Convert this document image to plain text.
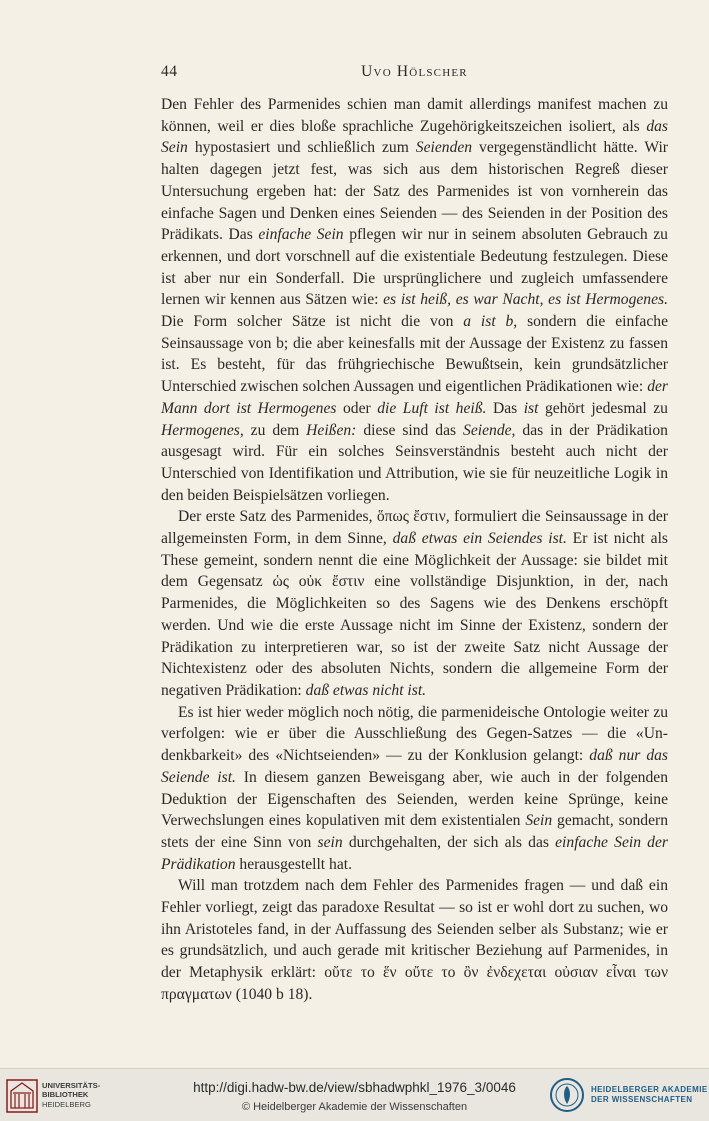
44	Uvo Hölscher

Den Fehler des Parmenides schien man damit allerdings manifest machen zu können, weil er dies bloße sprachliche Zugehörigkeitszeichen isoliert, als das Sein hypostasiert und schließlich zum Seienden vergegenständlicht hätte. Wir halten dagegen jetzt fest, was sich aus dem historischen Regreß dieser Untersuchung ergeben hat: der Satz des Parmenides ist von vornherein das einfache Sagen und Denken eines Seienden — des Seienden in der Position des Prädikats. Das einfache Sein pflegen wir nur in seinem absoluten Gebrauch zu erkennen, und dort vorschnell auf die existentiale Bedeutung festzulegen. Diese ist aber nur ein Sonderfall. Die ursprünglichere und zugleich umfassendere lernen wir kennen aus Sätzen wie: es ist heiß, es war Nacht, es ist Hermogenes. Die Form solcher Sätze ist nicht die von a ist b, sondern die einfache Seinsaussage von b; die aber keinesfalls mit der Aussage der Existenz zu fassen ist. Es besteht, für das frühgriechische Bewußtsein, kein grundsätzlicher Unterschied zwischen solchen Aussagen und eigentlichen Prädikationen wie: der Mann dort ist Hermogenes oder die Luft ist heiß. Das ist gehört jedesmal zu Hermogenes, zu dem Heißen: diese sind das Seiende, das in der Prädikation ausgesagt wird. Für ein solches Seinsverständnis besteht auch nicht der Unterschied von Identifikation und Attribution, wie sie für neuzeitliche Logik in den beiden Beispielsätzen vorliegen.

Der erste Satz des Parmenides, ὅπως ἔστιν, formuliert die Seinsaussage in der allgemeinsten Form, in dem Sinne, daß etwas ein Seiendes ist. Er ist nicht als These gemeint, sondern nennt die eine Möglichkeit der Aussage: sie bildet mit dem Gegensatz ὡς οὐκ ἔστιν eine vollständige Disjunktion, in der, nach Parmenides, die Möglichkeiten so des Sagens wie des Denkens erschöpft werden. Und wie die erste Aussage nicht im Sinne der Existenz, sondern der Prädikation zu interpretieren war, so ist der zweite Satz nicht Aussage der Nichtexistenz oder des absoluten Nichts, sondern die allgemeine Form der negativen Prädikation: daß etwas nicht ist.

Es ist hier weder möglich noch nötig, die parmenideische Ontologie weiter zu verfolgen: wie er über die Ausschließung des Gegen-Satzes — die «Undenkbarkeit» des «Nichtseienden» — zu der Konklusion gelangt: daß nur das Seiende ist. In diesem ganzen Beweisgang aber, wie auch in der folgenden Deduktion der Eigenschaften des Seienden, werden keine Sprünge, keine Verwechslungen eines kopulativen mit dem existentialen Sein gemacht, sondern stets der eine Sinn von sein durchgehalten, der sich als das einfache Sein der Prädikation herausgestellt hat.

Will man trotzdem nach dem Fehler des Parmenides fragen — und daß ein Fehler vorliegt, zeigt das paradoxe Resultat — so ist er wohl dort zu suchen, wo ihn Aristoteles fand, in der Auffassung des Seienden selber als Substanz; wie er es grundsätzlich, und auch gerade mit kritischer Beziehung auf Parmenides, in der Metaphysik erklärt: οὔτε το ἕν οὔτε το ὂν ἐνδεχεται οὐσιαν εἶναι των πραγματων (1040 b 18).

UNIVERSITÄTS-
BIBLIOTHEK
HEIDELBERG
http://digi.hadw-bw.de/view/sbhadwphkl_1976_3/0046
© Heidelberger Akademie der Wissenschaften
HEIDELBERGER AKADEMIE
DER WISSENSCHAFTEN
